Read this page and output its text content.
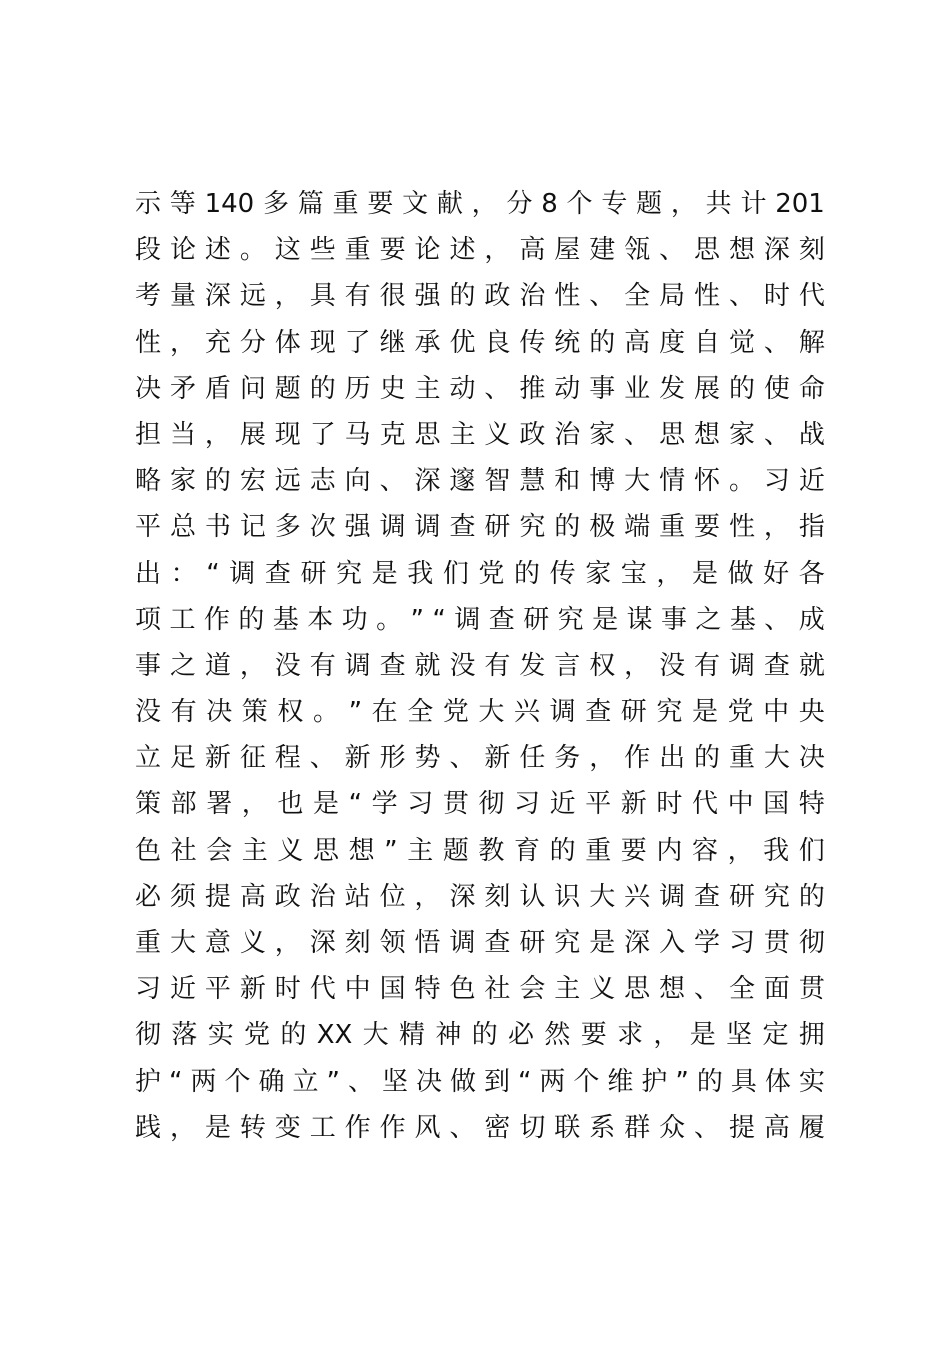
示 等 140 多 篇 重 要 文 献 ， 分 8 个 专 题 ， 共 计 201
段 论 述 。 这 些 重 要 论 述 ， 高 屋 建 瓴 、 思 想 深 刻
考 量 深 远 ， 具 有 很 强 的 政 治 性 、 全 局 性 、 时 代
性 ， 充 分 体 现 了 继 承 优 良 传 统 的 高 度 自 觉 、 解
决 矛 盾 问 题 的 历 史 主 动 、 推 动 事 业 发 展 的 使 命
担 当 ， 展 现 了 马 克 思 主 义 政 治 家 、 思 想 家 、 战
略 家 的 宏 远 志 向 、 深 邃 智 慧 和 博 大 情 怀 。 习 近
平 总 书 记 多 次 强 调 调 查 研 究 的 极 端 重 要 性 ， 指
出 ： “ 调 查 研 究 是 我 们 党 的 传 家 宝 ， 是 做 好 各
项 工 作 的 基 本 功 。 ” “ 调 查 研 究 是 谋 事 之 基 、 成
事 之 道 ， 没 有 调 查 就 没 有 发 言 权 ， 没 有 调 查 就
没 有 决 策 权 。 ” 在 全 党 大 兴 调 查 研 究 是 党 中 央
立 足 新 征 程 、 新 形 势 、 新 任 务 ， 作 出 的 重 大 决
策 部 署 ， 也 是 “ 学 习 贯 彻 习 近 平 新 时 代 中 国 特
色 社 会 主 义 思 想 ” 主 题 教 育 的 重 要 内 容 ， 我 们
必 须 提 高 政 治 站 位 ， 深 刻 认 识 大 兴 调 查 研 究 的
重 大 意 义 ， 深 刻 领 悟 调 查 研 究 是 深 入 学 习 贯 彻
习 近 平 新 时 代 中 国 特 色 社 会 主 义 思 想 、 全 面 贯
彻 落 实 党 的 XX 大 精 神 的 必 然 要 求 ， 是 坚 定 拥
护 “ 两 个 确 立 ” 、 坚 决 做 到 “ 两 个 维 护 ” 的 具 体 实
践 ， 是 转 变 工 作 作 风 、 密 切 联 系 群 众 、 提 高 履
